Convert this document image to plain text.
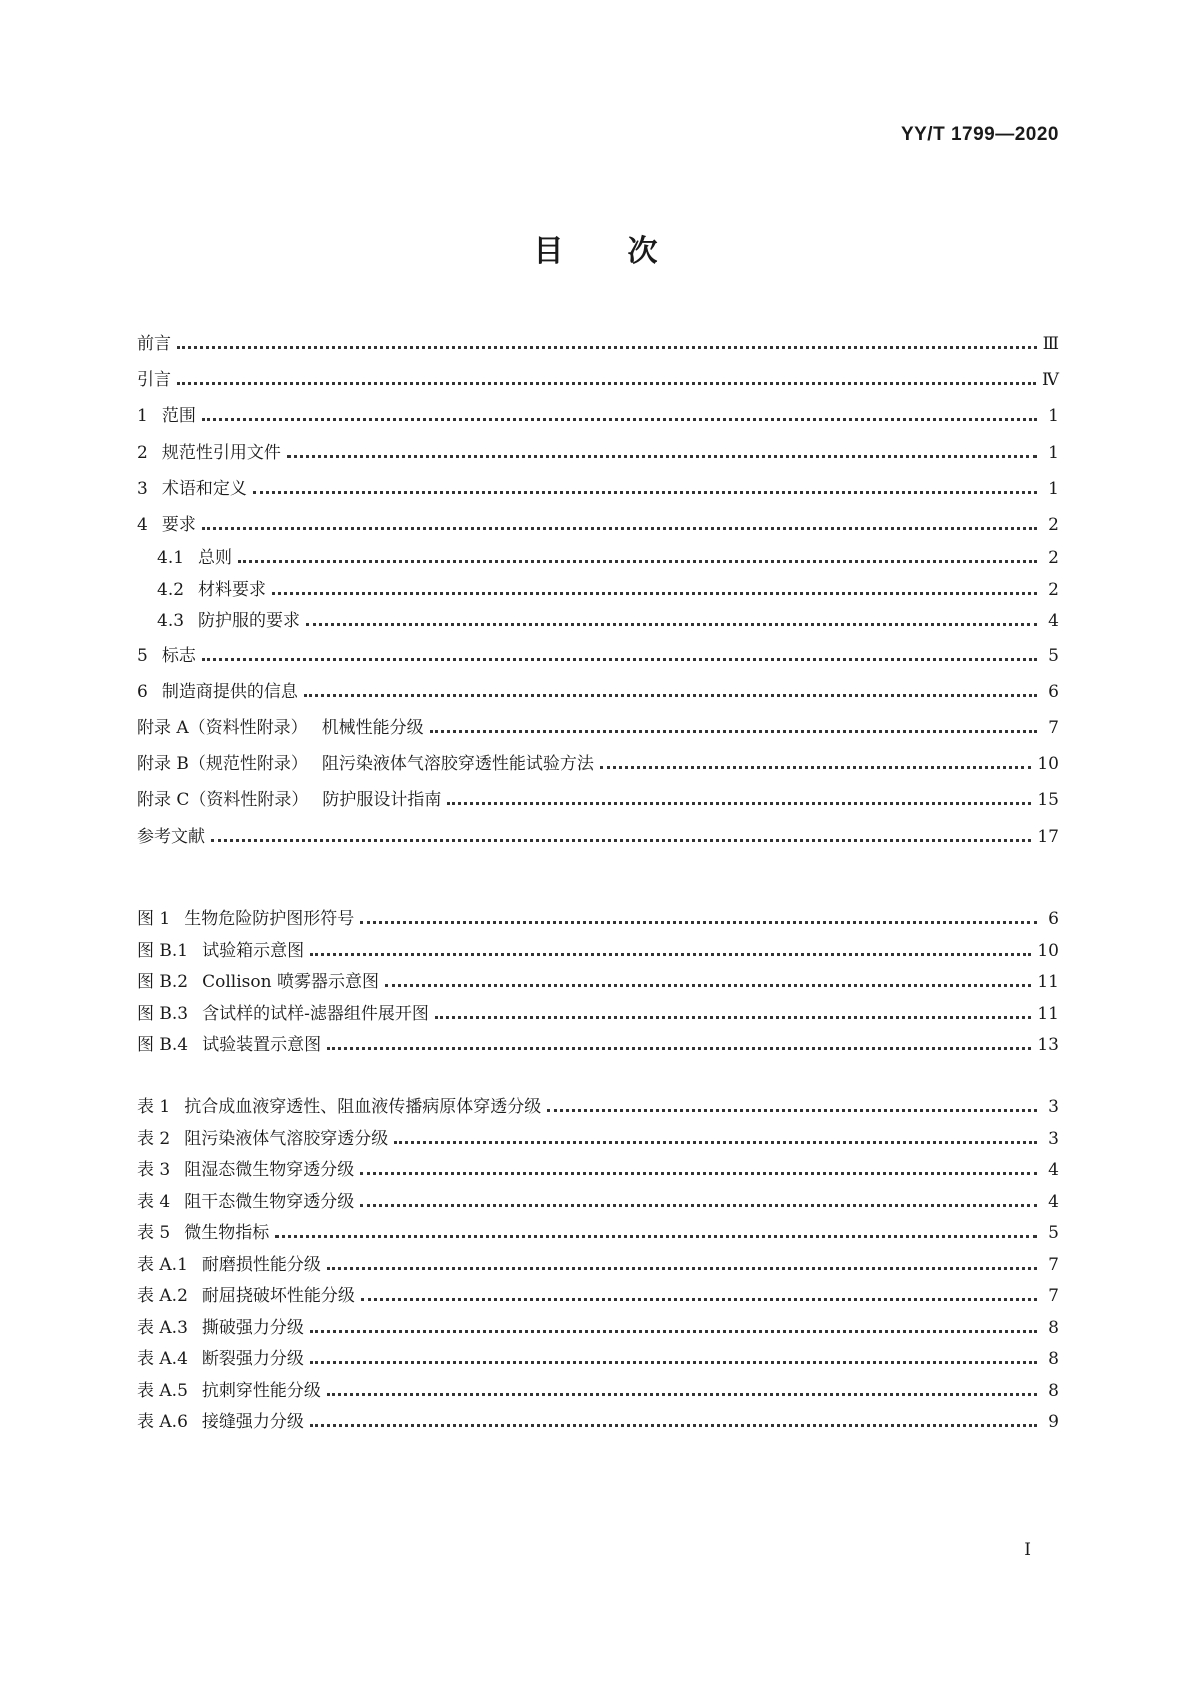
YY/T 1799—2020
目次
前言	Ⅲ
引言	Ⅳ
1 范围	1
2 规范性引用文件	1
3 术语和定义	1
4 要求	2
4.1 总则	2
4.2 材料要求	2
4.3 防护服的要求	4
5 标志	5
6 制造商提供的信息	6
附录 A（资料性附录） 机械性能分级	7
附录 B（规范性附录） 阻污染液体气溶胶穿透性能试验方法	10
附录 C（资料性附录） 防护服设计指南	15
参考文献	17
图 1 生物危险防护图形符号	6
图 B.1 试验箱示意图	10
图 B.2 Collison 喷雾器示意图	11
图 B.3 含试样的试样-滤器组件展开图	11
图 B.4 试验装置示意图	13
表 1 抗合成血液穿透性、阻血液传播病原体穿透分级	3
表 2 阻污染液体气溶胶穿透分级	3
表 3 阻湿态微生物穿透分级	4
表 4 阻干态微生物穿透分级	4
表 5 微生物指标	5
表 A.1 耐磨损性能分级	7
表 A.2 耐屈挠破坏性能分级	7
表 A.3 撕破强力分级	8
表 A.4 断裂强力分级	8
表 A.5 抗刺穿性能分级	8
表 A.6 接缝强力分级	9
I
